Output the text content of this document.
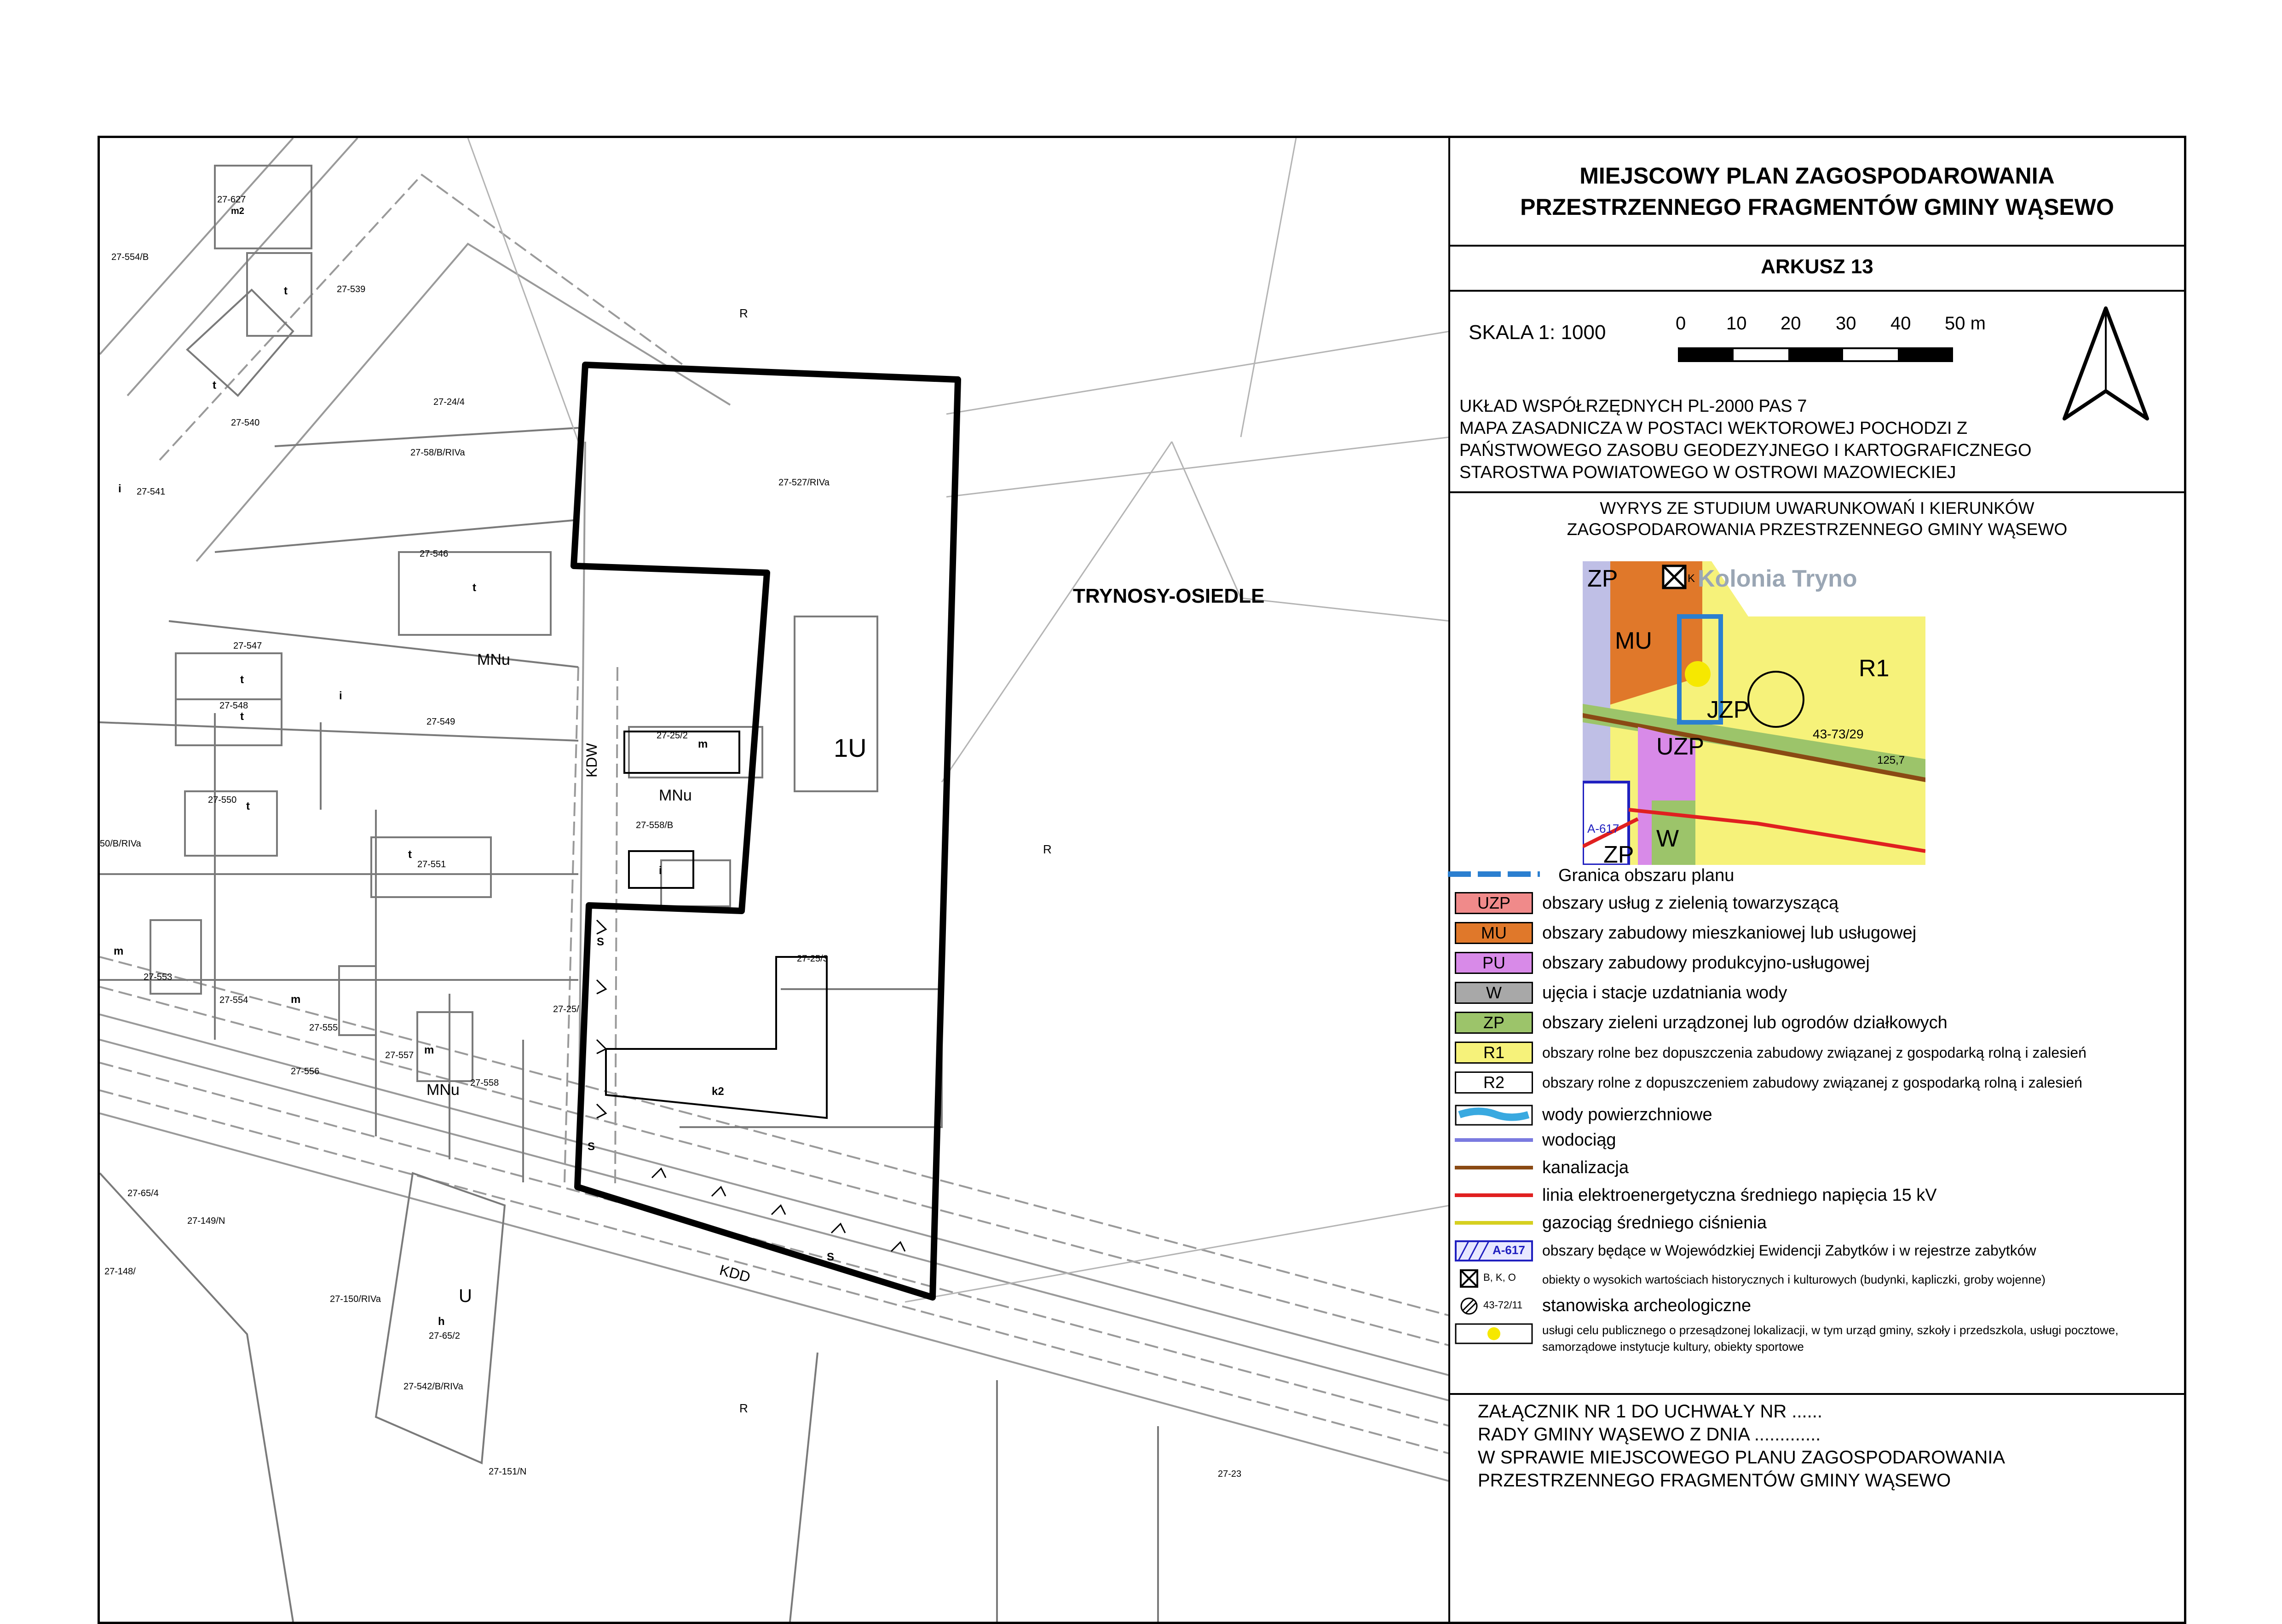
TRYNOSY-OSIEDLE
1U
MNu
MNu
MNu
U
R
R
R
KDW
KDD
27-627
m2
27-554/B
27-539
27-540
27-24/4
27-58/B/RIVa
27-541
27-527/RIVa
27-546
27-547
27-548
27-549
27-25/2
27-558/B
27-550
27-551
50/B/RIVa
27-553
27-554
27-555
27-556
27-557
27-558
27-25/3
27-25/
27-65/4
27-149/N
27-148/
27-150/RIVa
27-65/2
27-542/B/RIVa
27-151/N	27-23
t
t
t
t
t
t
t
i
i
i
m
m
m
m
k2
h
S
S
S
MIEJSCOWY PLAN ZAGOSPODAROWANIA
PRZESTRZENNEGO FRAGMENTÓW GMINY WĄSEWO
ARKUSZ 13
SKALA 1: 1000	0 10 20 30 40 50 m
UKŁAD WSPÓŁRZĘDNYCH PL-2000 PAS 7
MAPA ZASADNICZA W POSTACI WEKTOROWEJ POCHODZI Z
PAŃSTWOWEGO ZASOBU GEODEZYJNEGO I KARTOGRAFICZNEGO
STAROSTWA POWIATOWEGO W OSTROWI MAZOWIECKIEJ
WYRYS ZE STUDIUM UWARUNKOWAŃ I KIERUNKÓW
ZAGOSPODAROWANIA PRZESTRZENNEGO GMINY WĄSEWO
ZP	K Kolonia Tryno
MU
R1
JZP
43-73/29
UZP
125,7
A-617 W
ZP
Granica obszaru planu
UZP	obszary usług z zielenią towarzyszącą
MU	obszary zabudowy mieszkaniowej lub usługowej
PU	obszary zabudowy produkcyjno-usługowej
W	ujęcia i stacje uzdatniania wody
ZP	obszary zieleni urządzonej lub ogrodów działkowych
R1	obszary rolne bez dopuszczenia zabudowy związanej z gospodarką rolną i zalesień
R2	obszary rolne z dopuszczeniem zabudowy związanej z gospodarką rolną i zalesień
wody powierzchniowe
wodociąg
kanalizacja
linia elektroenergetyczna średniego napięcia 15 kV
gazociąg średniego ciśnienia
A-617 obszary będące w Wojewódzkiej Ewidencji Zabytków i w rejestrze zabytków
B, K, O obiekty o wysokich wartościach historycznych i kulturowych (budynki, kapliczki, groby wojenne)
43-72/11 stanowiska archeologiczne
usługi celu publicznego o przesądzonej lokalizacji, w tym urząd gminy, szkoły i przedszkola, usługi pocztowe,
samorządowe instytucje kultury, obiekty sportowe
ZAŁĄCZNIK NR 1 DO UCHWAŁY NR ......
RADY GMINY WĄSEWO Z DNIA .............
W SPRAWIE MIEJSCOWEGO PLANU ZAGOSPODAROWANIA
PRZESTRZENNEGO FRAGMENTÓW GMINY WĄSEWO
